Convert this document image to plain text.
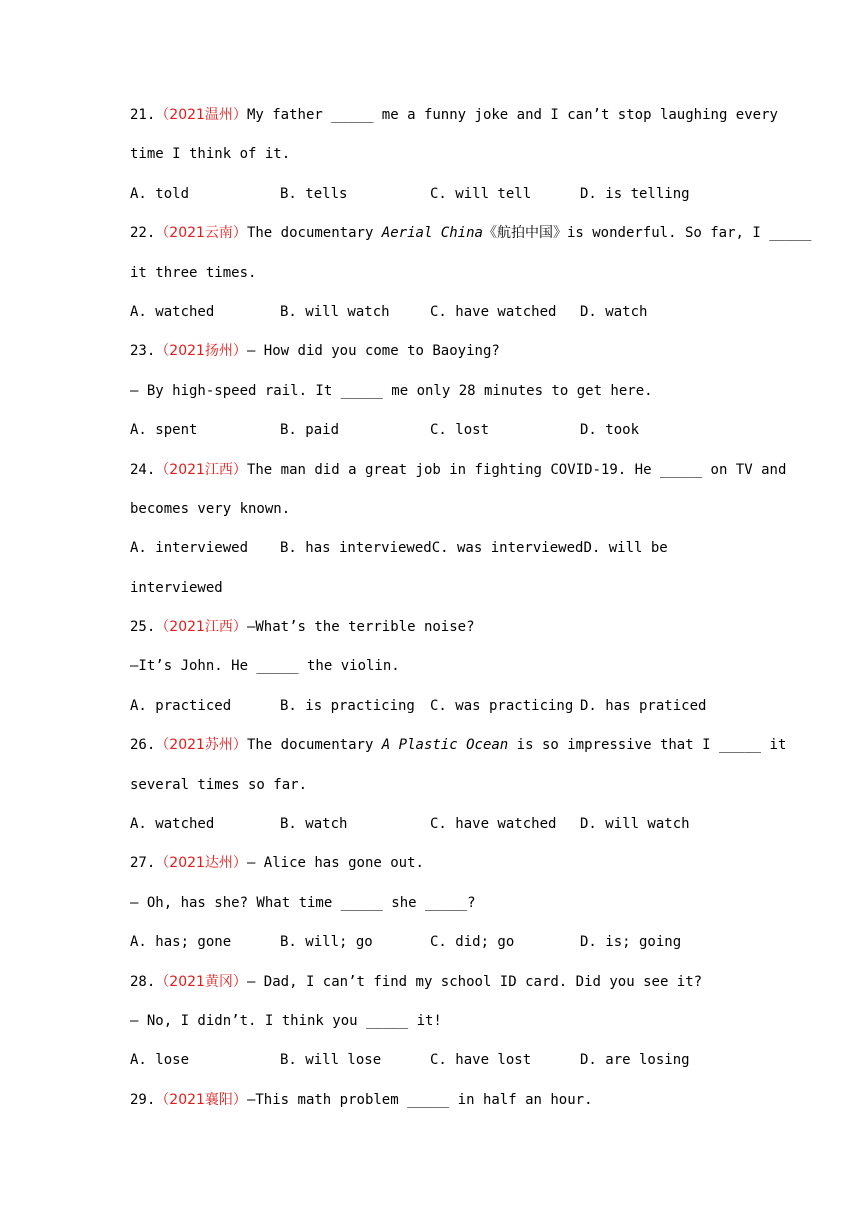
21.（2021温州）My father _____ me a funny joke and I can’t stop laughing every
time I think of it.
A. told	B. tells	C. will tell	D. is telling
22.（2021云南）The documentary Aerial China《航拍中国》is wonderful. So far, I _____
it three times.
A. watched	B. will watch	C. have watched	D. watch
23.（2021扬州）— How did you come to Baoying?
— By high-speed rail. It _____ me only 28 minutes to get here.
A. spent	B. paid	C. lost	D. took
24.（2021江西）The man did a great job in fighting COVID-19. He _____ on TV and
becomes very known.
A. interviewed	B. has interviewed C. was interviewed D. will be
interviewed
25.（2021江西）—What’s the terrible noise?
—It’s John. He _____ the violin.
A. practiced	B. is practicing	C. was practicing D. has praticed
26.（2021苏州）The documentary A Plastic Ocean is so impressive that I _____ it
several times so far.
A. watched	B. watch	C. have watched	D. will watch
27.（2021达州）— Alice has gone out.
— Oh, has she? What time _____ she _____?
A. has; gone	B. will; go	C. did; go	D. is; going
28.（2021黄冈）— Dad, I can’t find my school ID card. Did you see it?
— No, I didn’t. I think you _____ it!
A. lose	B. will lose	C. have lost	D. are losing
29.（2021襄阳）—This math problem _____ in half an hour.
